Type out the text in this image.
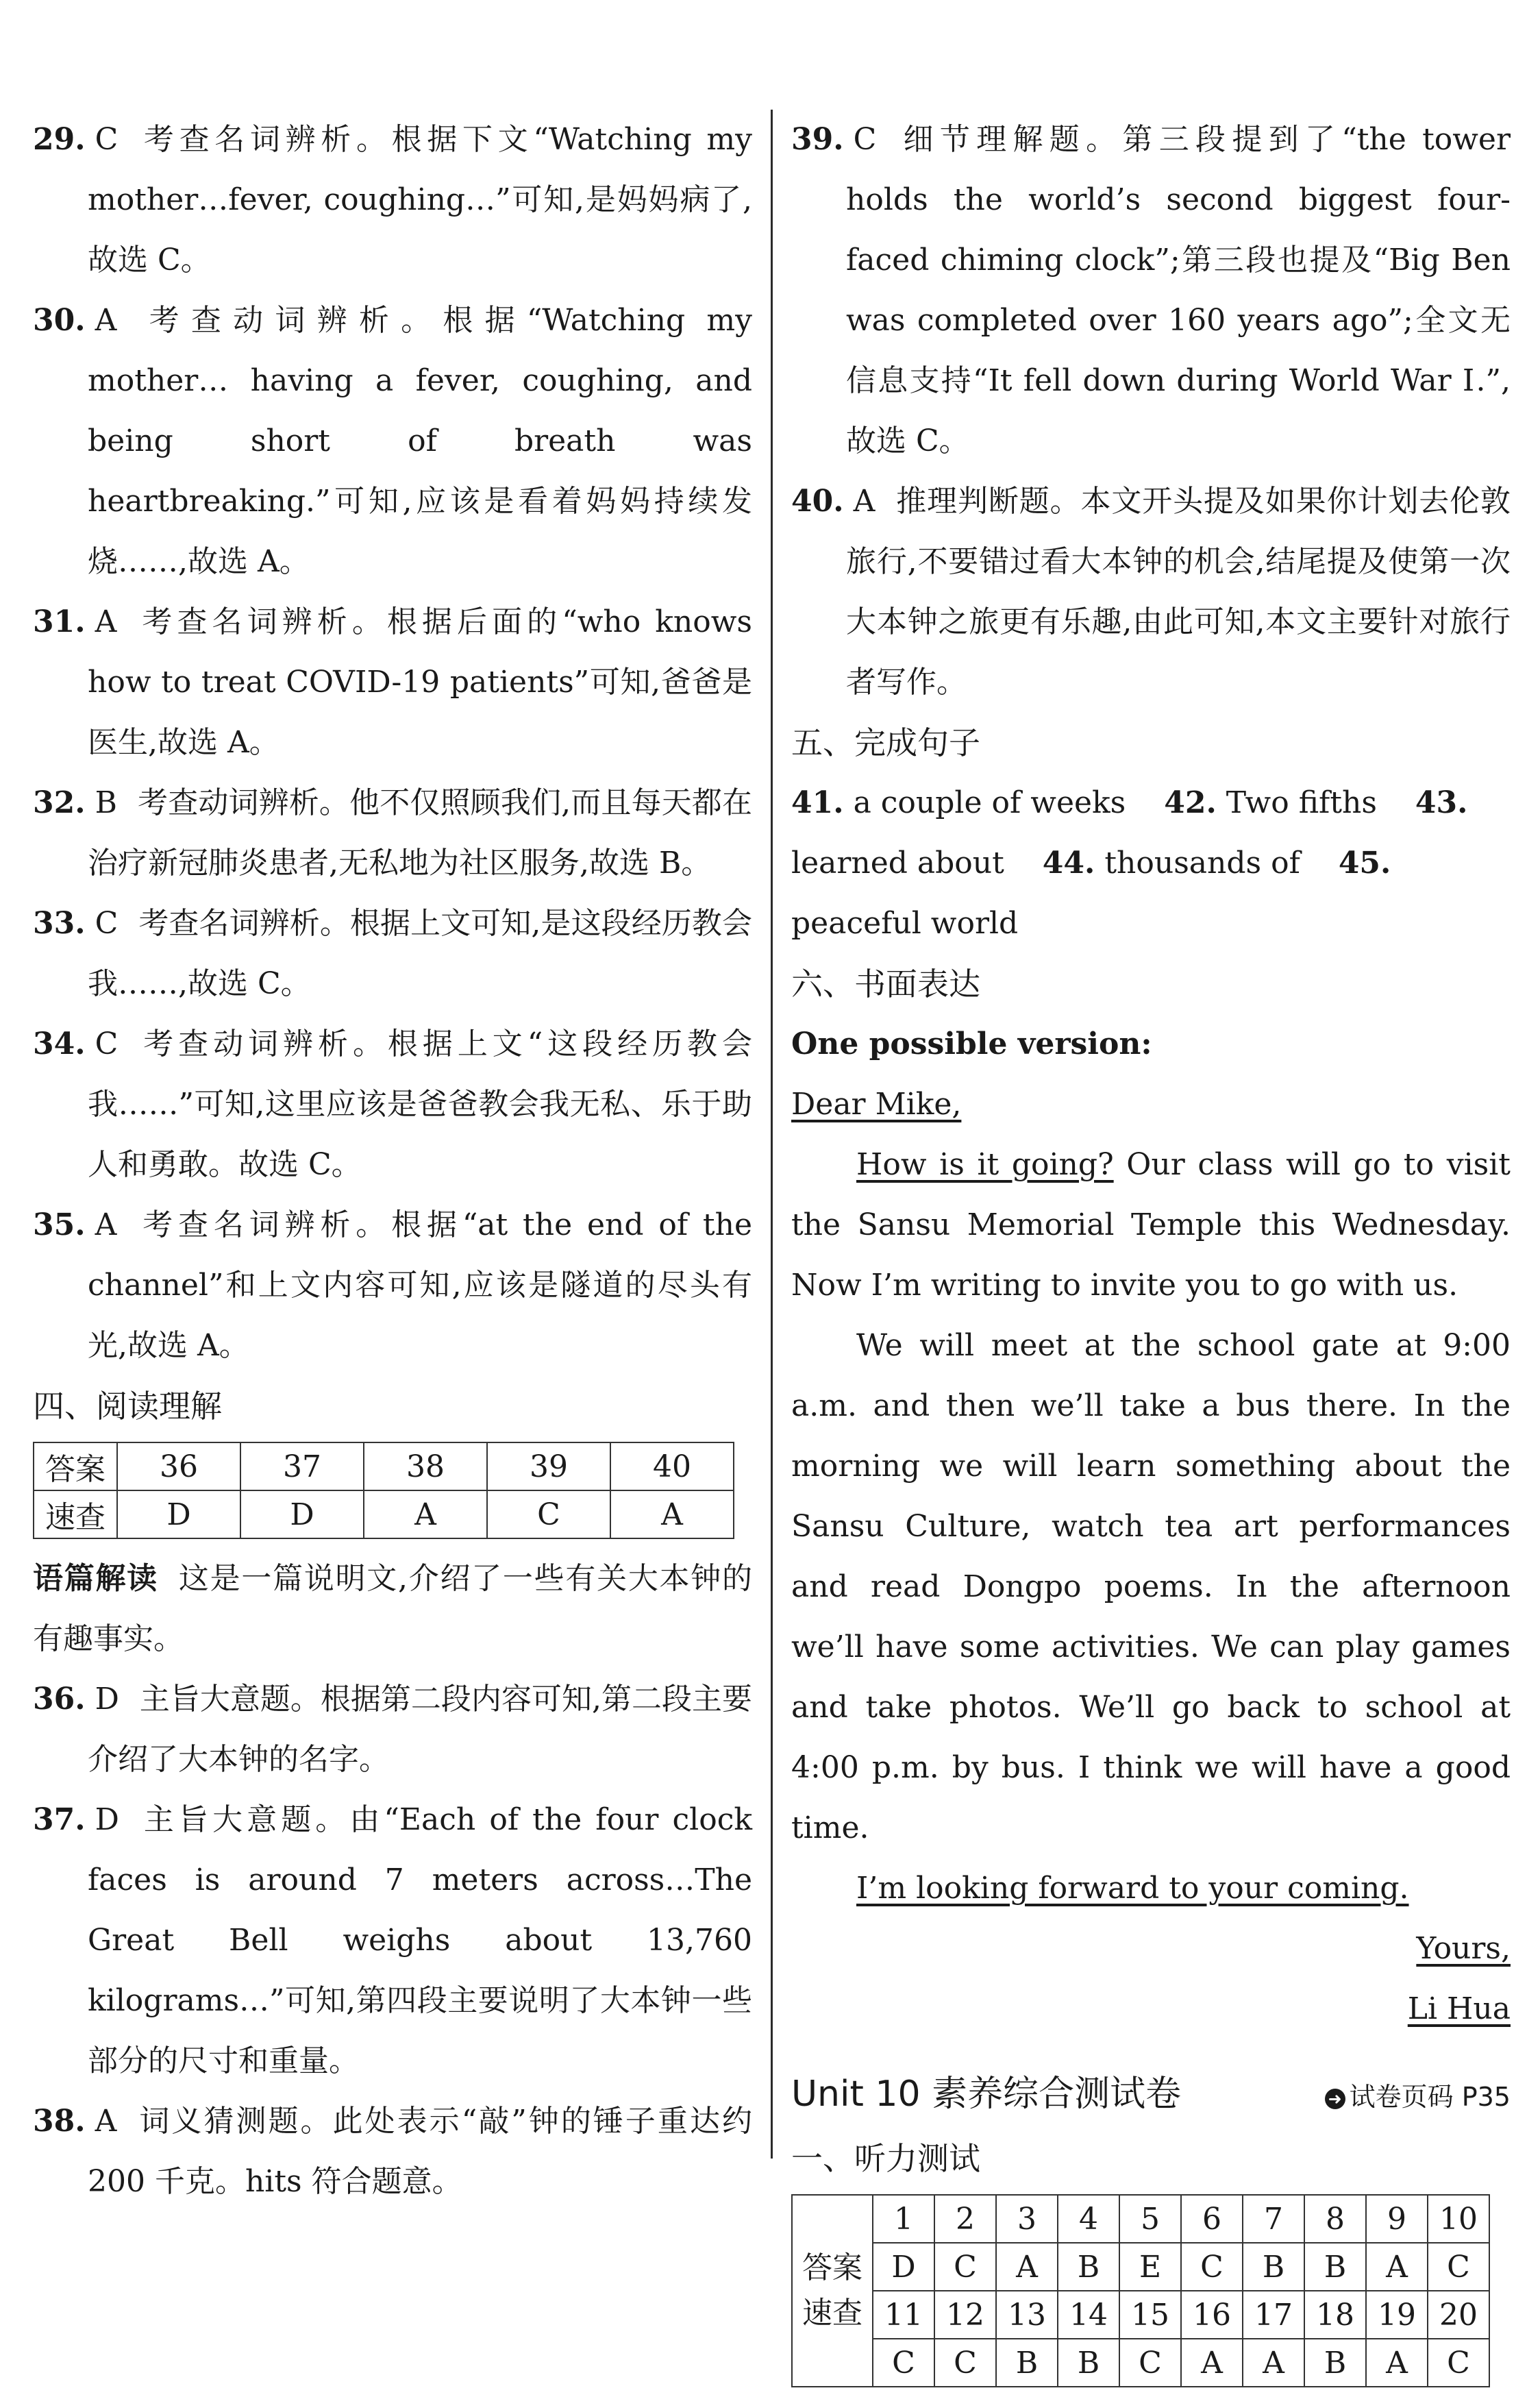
29. C 考查名词辨析。根据下文“Watching my mother…fever, coughing…”可知,是妈妈病了,故选 C。
30. A 考查动词辨析。根据“Watching my mother… having a fever, coughing, and being short of breath was heartbreaking.”可知,应该是看着妈妈持续发烧……,故选 A。
31. A 考查名词辨析。根据后面的“who knows how to treat COVID-19 patients”可知,爸爸是医生,故选 A。
32. B 考查动词辨析。他不仅照顾我们,而且每天都在治疗新冠肺炎患者,无私地为社区服务,故选 B。
33. C 考查名词辨析。根据上文可知,是这段经历教会我……,故选 C。
34. C 考查动词辨析。根据上文“这段经历教会我……”可知,这里应该是爸爸教会我无私、乐于助人和勇敢。故选 C。
35. A 考查名词辨析。根据“at the end of the channel”和上文内容可知,应该是隧道的尽头有光,故选 A。
四、阅读理解
答案	36	37	38	39	40
速查	D	D	A	C	A
语篇解读 这是一篇说明文,介绍了一些有关大本钟的有趣事实。
36. D 主旨大意题。根据第二段内容可知,第二段主要介绍了大本钟的名字。
37. D 主旨大意题。由“Each of the four clock faces is around 7 meters across…The Great Bell weighs about 13,760 kilograms…”可知,第四段主要说明了大本钟一些部分的尺寸和重量。
38. A 词义猜测题。此处表示“敲”钟的锤子重达约 200 千克。hits 符合题意。
39. C 细节理解题。第三段提到了“the tower holds the world’s second biggest four-faced chiming clock”;第三段也提及“Big Ben was completed over 160 years ago”;全文无信息支持“It fell down during World War Ⅰ.”,故选 C。
40. A 推理判断题。本文开头提及如果你计划去伦敦旅行,不要错过看大本钟的机会,结尾提及使第一次大本钟之旅更有乐趣,由此可知,本文主要针对旅行者写作。
五、完成句子
41. a couple of weeks 42. Two fifths 43. learned about 44. thousands of 45. peaceful world
六、书面表达
One possible version:
Dear Mike,
How is it going? Our class will go to visit the Sansu Memorial Temple this Wednesday. Now I’m writing to invite you to go with us.
We will meet at the school gate at 9:00 a.m. and then we’ll take a bus there. In the morning we will learn something about the Sansu Culture, watch tea art performances and read Dongpo poems. In the afternoon we’ll have some activities. We can play games and take photos. We’ll go back to school at 4:00 p.m. by bus. I think we will have a good time.
I’m looking forward to your coming.
Yours,
Li Hua
Unit 10 素养综合测试卷	➜ 试卷页码 P35
一、听力测试
答案
速查	1	2	3	4	5	6	7	8	9	10
	D	C	A	B	E	C	B	B	A	C
	11	12	13	14	15	16	17	18	19	20
	C	C	B	B	C	A	A	B	A	C
